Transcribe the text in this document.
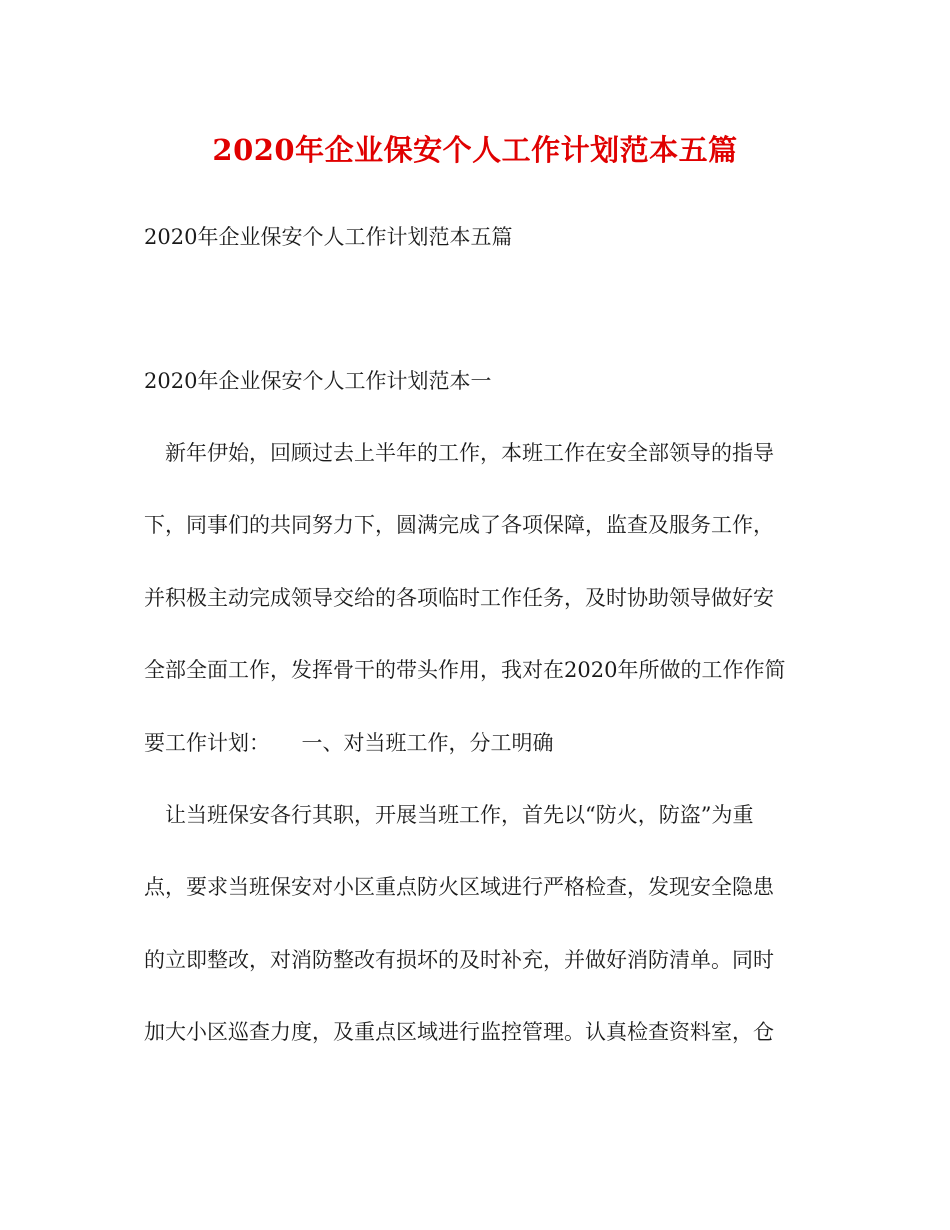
2020年企业保安个人工作计划范本五篇
2020年企业保安个人工作计划范本五篇
2020年企业保安个人工作计划范本一
　新年伊始，回顾过去上半年的工作，本班工作在安全部领导的指导
下，同事们的共同努力下，圆满完成了各项保障，监查及服务工作，
并积极主动完成领导交给的各项临时工作任务，及时协助领导做好安
全部全面工作，发挥骨干的带头作用，我对在2020年所做的工作作简
要工作计划：　　一、对当班工作，分工明确
　让当班保安各行其职，开展当班工作，首先以“防火，防盗”为重
点，要求当班保安对小区重点防火区域进行严格检查，发现安全隐患
的立即整改，对消防整改有损坏的及时补充，并做好消防清单。同时
加大小区巡查力度，及重点区域进行监控管理。认真检查资料室，仓
